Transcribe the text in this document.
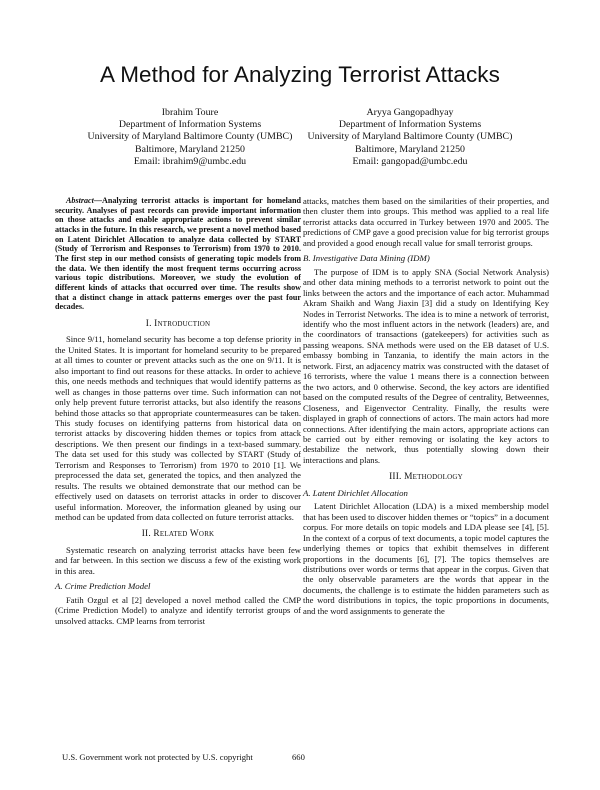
A Method for Analyzing Terrorist Attacks
Ibrahim Toure
Department of Information Systems
University of Maryland Baltimore County (UMBC)
Baltimore, Maryland 21250
Email: ibrahim9@umbc.edu
Aryya Gangopadhyay
Department of Information Systems
University of Maryland Baltimore County (UMBC)
Baltimore, Maryland 21250
Email: gangopad@umbc.edu

Abstract—Analyzing terrorist attacks is important for homeland security. Analyses of past records can provide important information on those attacks and enable appropriate actions to prevent similar attacks in the future. In this research, we present a novel method based on Latent Dirichlet Allocation to analyze data collected by START (Study of Terrorism and Responses to Terrorism) from 1970 to 2010. The first step in our method consists of generating topic models from the data. We then identify the most frequent terms occurring across various topic distributions. Moreover, we study the evolution of different kinds of attacks that occurred over time. The results show that a distinct change in attack patterns emerges over the past four decades.

I. Introduction

Since 9/11, homeland security has become a top defense priority in the United States. It is important for homeland security to be prepared at all times to counter or prevent attacks such as the one on 9/11. It is also important to find out reasons for these attacks. In order to achieve this, one needs methods and techniques that would identify patterns as well as changes in those patterns over time. Such information can not only help prevent future terrorist attacks, but also identify the reasons behind those attacks so that appropriate countermeasures can be taken. This study focuses on identifying patterns from historical data on terrorist attacks by discovering hidden themes or topics from attack descriptions. We then present our findings in a text-based summary. The data set used for this study was collected by START (Study of Terrorism and Responses to Terrorism) from 1970 to 2010 [1]. We preprocessed the data set, generated the topics, and then analyzed the results. The results we obtained demonstrate that our method can be effectively used on datasets on terrorist attacks in order to discover useful information. Moreover, the information gleaned by using our method can be updated from data collected on future terrorist attacks.

II. Related Work

Systematic research on analyzing terrorist attacks have been few and far between. In this section we discuss a few of the existing work in this area.

A. Crime Prediction Model

Fatih Ozgul et al [2] developed a novel method called the CMP (Crime Prediction Model) to analyze and identify terrorist groups of unsolved attacks. CMP learns from terrorist

attacks, matches them based on the similarities of their properties, and then cluster them into groups. This method was applied to a real life terrorist attacks data occurred in Turkey between 1970 and 2005. The predictions of CMP gave a good precision value for big terrorist groups and provided a good enough recall value for small terrorist groups.

B. Investigative Data Mining (IDM)

The purpose of IDM is to apply SNA (Social Network Analysis) and other data mining methods to a terrorist network to point out the links between the actors and the importance of each actor. Muhammad Akram Shaikh and Wang Jiaxin [3] did a study on Identifying Key Nodes in Terrorist Networks. The idea is to mine a network of terrorist, identify who the most influent actors in the network (leaders) are, and the coordinators of transactions (gatekeepers) for activities such as passing weapons. SNA methods were used on the EB dataset of U.S. embassy bombing in Tanzania, to identify the main actors in the network. First, an adjacency matrix was constructed with the dataset of 16 terrorists, where the value 1 means there is a connection between the two actors, and 0 otherwise. Second, the key actors are identified based on the computed results of the Degree of centrality, Betweennes, Closeness, and Eigenvector Centrality. Finally, the results were displayed in graph of connections of actors. The main actors had more connections. After identifying the main actors, appropriate actions can be carried out by either removing or isolating the key actors to destabilize the network, thus potentially slowing down their interactions and plans.

III. Methodology
A. Latent Dirichlet Allocation

Latent Dirichlet Allocation (LDA) is a mixed membership model that has been used to discover hidden themes or “topics” in a document corpus. For more details on topic models and LDA please see [4], [5]. In the context of a corpus of text documents, a topic model captures the underlying themes or topics that exhibit themselves in different proportions in the documents [6], [7]. The topics themselves are distributions over words or terms that appear in the corpus. Given that the only observable parameters are the words that appear in the documents, the challenge is to estimate the hidden parameters such as the word distributions in topics, the topic proportions in documents, and the word assignments to generate the

U.S. Government work not protected by U.S. copyright	660
